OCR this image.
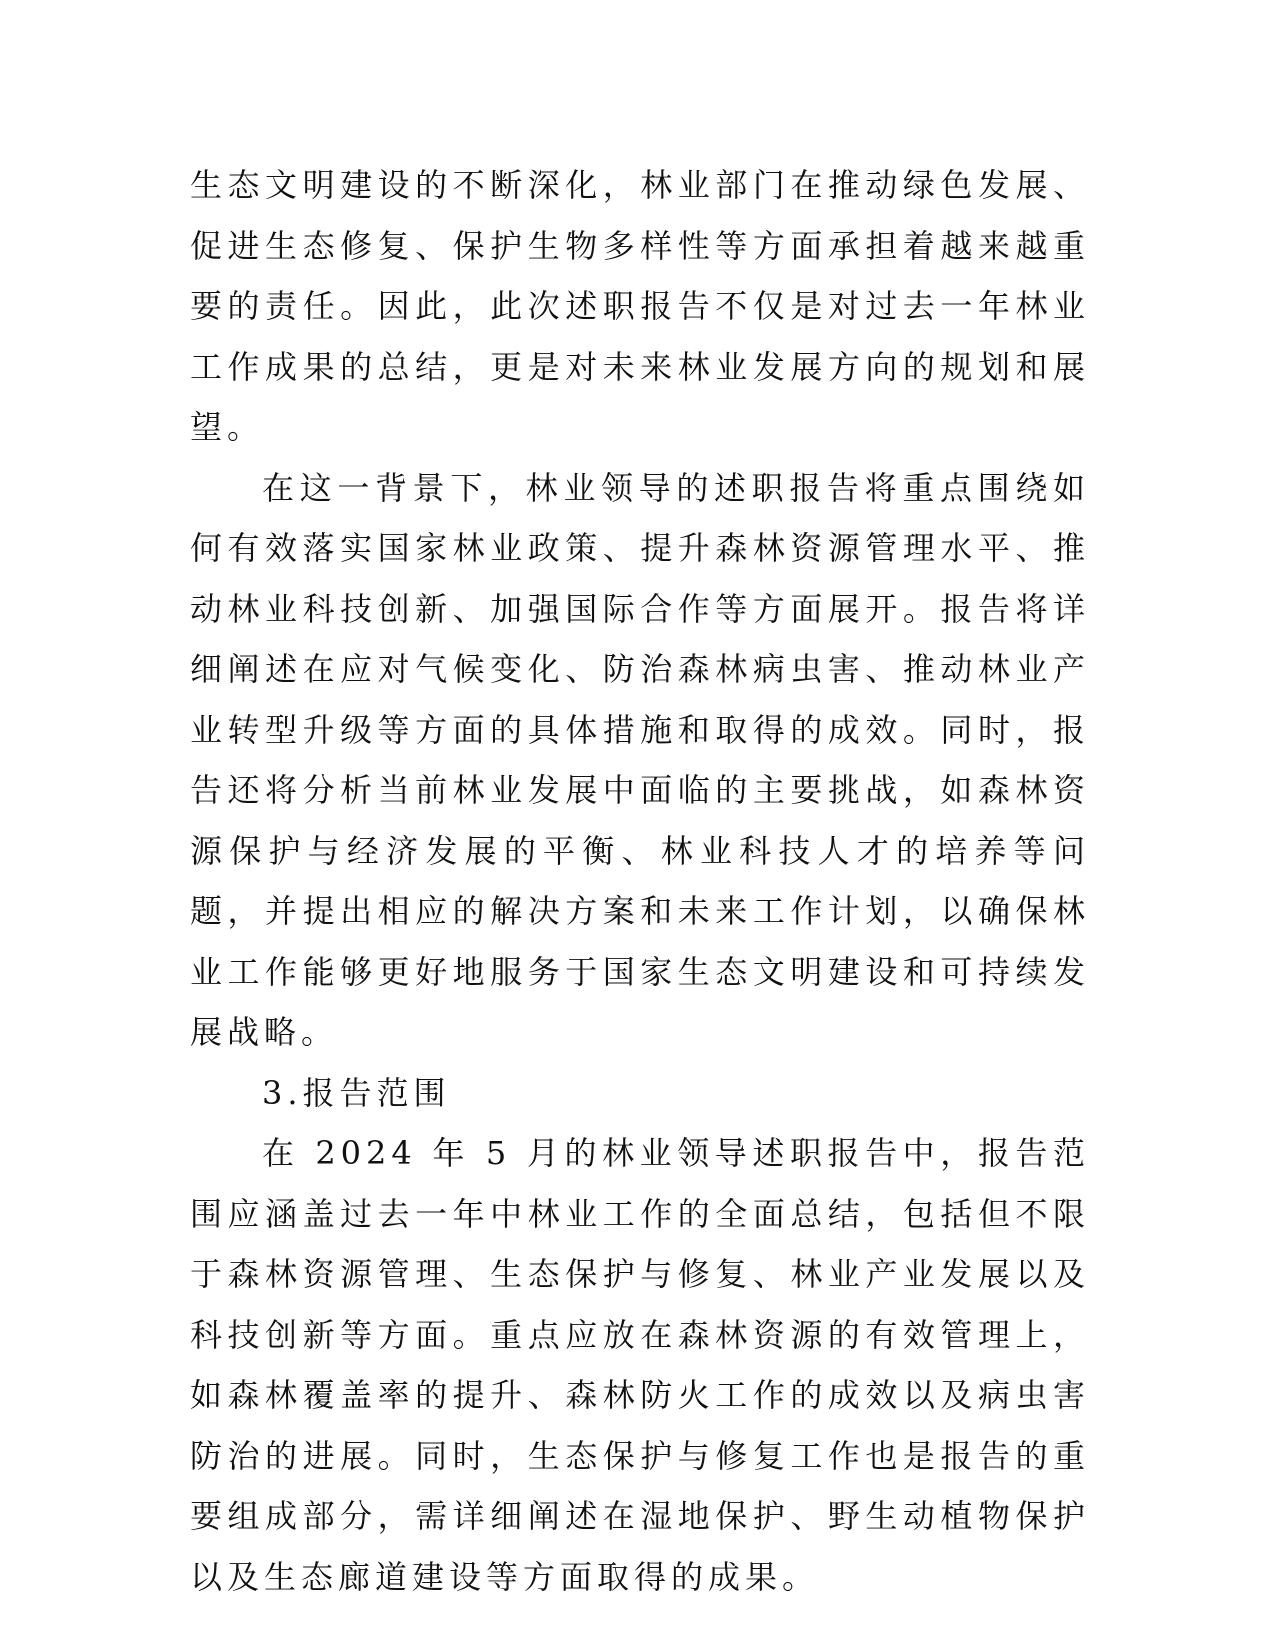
生态文明建设的不断深化，林业部门在推动绿色发展、促进生态修复、保护生物多样性等方面承担着越来越重要的责任。因此，此次述职报告不仅是对过去一年林业工作成果的总结，更是对未来林业发展方向的规划和展望。

在这一背景下，林业领导的述职报告将重点围绕如何有效落实国家林业政策、提升森林资源管理水平、推动林业科技创新、加强国际合作等方面展开。报告将详细阐述在应对气候变化、防治森林病虫害、推动林业产业转型升级等方面的具体措施和取得的成效。同时，报告还将分析当前林业发展中面临的主要挑战，如森林资源保护与经济发展的平衡、林业科技人才的培养等问题，并提出相应的解决方案和未来工作计划，以确保林业工作能够更好地服务于国家生态文明建设和可持续发展战略。

3.报告范围

在 2024 年 5 月的林业领导述职报告中，报告范围应涵盖过去一年中林业工作的全面总结，包括但不限于森林资源管理、生态保护与修复、林业产业发展以及科技创新等方面。重点应放在森林资源的有效管理上，如森林覆盖率的提升、森林防火工作的成效以及病虫害防治的进展。同时，生态保护与修复工作也是报告的重要组成部分，需详细阐述在湿地保护、野生动植物保护以及生态廊道建设等方面取得的成果。
